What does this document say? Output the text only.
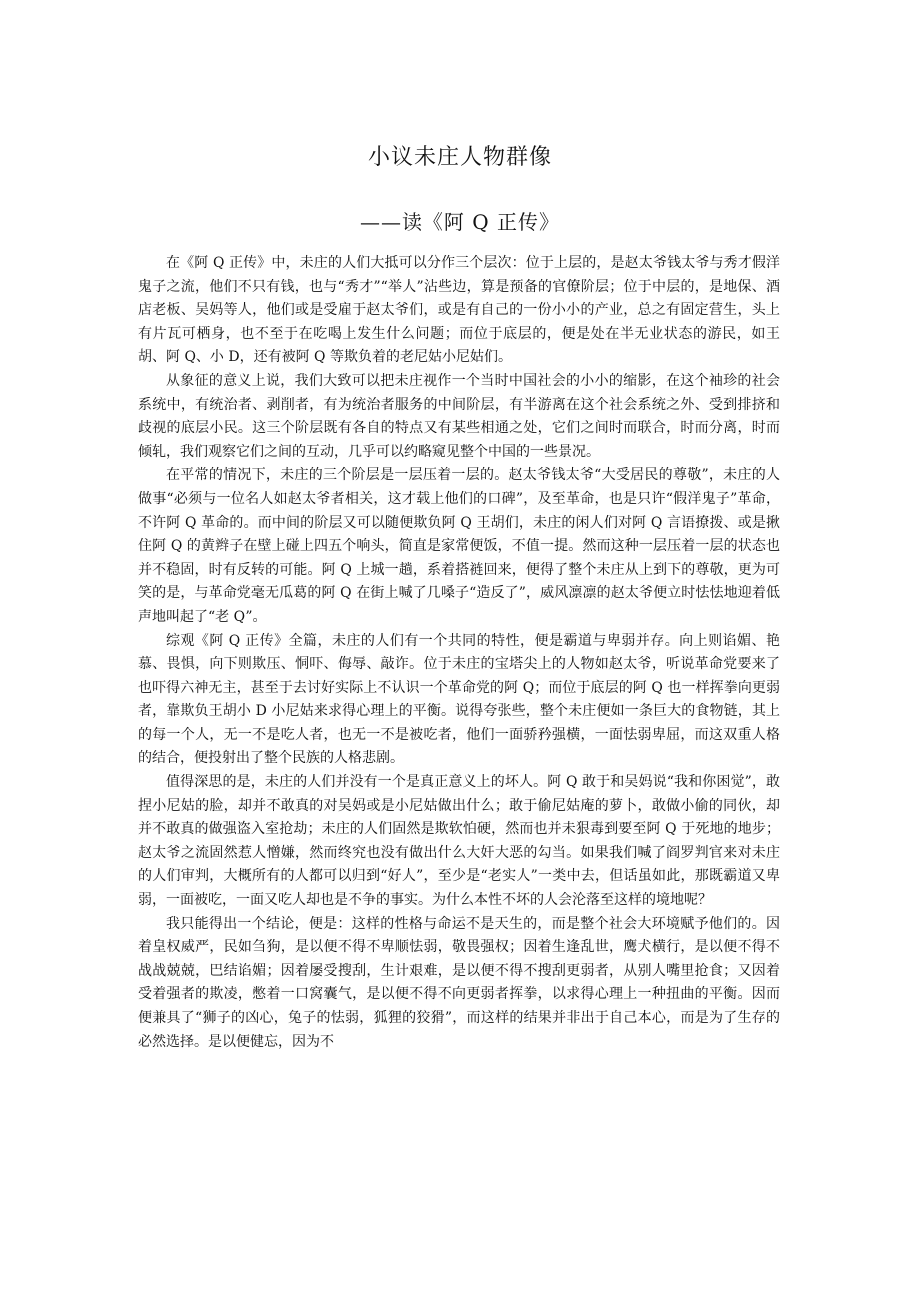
小议未庄人物群像
——读《阿 Q 正传》

在《阿 Q 正传》中，未庄的人们大抵可以分作三个层次：位于上层的，是赵太爷钱太爷与秀才假洋鬼子之流，他们不只有钱，也与“秀才”“举人”沾些边，算是预备的官僚阶层；位于中层的，是地保、酒店老板、吴妈等人，他们或是受雇于赵太爷们，或是有自己的一份小小的产业，总之有固定营生，头上有片瓦可栖身，也不至于在吃喝上发生什么问题；而位于底层的，便是处在半无业状态的游民，如王胡、阿 Q、小 D，还有被阿 Q 等欺负着的老尼姑小尼姑们。

从象征的意义上说，我们大致可以把未庄视作一个当时中国社会的小小的缩影，在这个袖珍的社会系统中，有统治者、剥削者，有为统治者服务的中间阶层，有半游离在这个社会系统之外、受到排挤和歧视的底层小民。这三个阶层既有各自的特点又有某些相通之处，它们之间时而联合，时而分离，时而倾轧，我们观察它们之间的互动，几乎可以约略窥见整个中国的一些景况。

在平常的情况下，未庄的三个阶层是一层压着一层的。赵太爷钱太爷“大受居民的尊敬”，未庄的人做事“必须与一位名人如赵太爷者相关，这才载上他们的口碑”，及至革命，也是只许“假洋鬼子”革命，不许阿 Q 革命的。而中间的阶层又可以随便欺负阿 Q 王胡们，未庄的闲人们对阿 Q 言语撩拨、或是揪住阿 Q 的黄辫子在壁上碰上四五个响头，简直是家常便饭，不值一提。然而这种一层压着一层的状态也并不稳固，时有反转的可能。阿 Q 上城一趟，系着搭裢回来，便得了整个未庄从上到下的尊敬，更为可笑的是，与革命党毫无瓜葛的阿 Q 在街上喊了几嗓子“造反了”，威风凛凛的赵太爷便立时怯怯地迎着低声地叫起了“老 Q”。

综观《阿 Q 正传》全篇，未庄的人们有一个共同的特性，便是霸道与卑弱并存。向上则谄媚、艳慕、畏惧，向下则欺压、恫吓、侮辱、敲诈。位于未庄的宝塔尖上的人物如赵太爷，听说革命党要来了也吓得六神无主，甚至于去讨好实际上不认识一个革命党的阿 Q；而位于底层的阿 Q 也一样挥拳向更弱者，靠欺负王胡小 D 小尼姑来求得心理上的平衡。说得夸张些，整个未庄便如一条巨大的食物链，其上的每一个人，无一不是吃人者，也无一不是被吃者，他们一面骄矜强横，一面怯弱卑屈，而这双重人格的结合，便投射出了整个民族的人格悲剧。

值得深思的是，未庄的人们并没有一个是真正意义上的坏人。阿 Q 敢于和吴妈说“我和你困觉”，敢捏小尼姑的脸，却并不敢真的对吴妈或是小尼姑做出什么；敢于偷尼姑庵的萝卜，敢做小偷的同伙，却并不敢真的做强盗入室抢劫；未庄的人们固然是欺软怕硬，然而也并未狠毒到要至阿 Q 于死地的地步；赵太爷之流固然惹人憎嫌，然而终究也没有做出什么大奸大恶的勾当。如果我们喊了阎罗判官来对未庄的人们审判，大概所有的人都可以归到“好人”，至少是“老实人”一类中去，但话虽如此，那既霸道又卑弱，一面被吃，一面又吃人却也是不争的事实。为什么本性不坏的人会沦落至这样的境地呢？

我只能得出一个结论，便是：这样的性格与命运不是天生的，而是整个社会大环境赋予他们的。因着皇权威严，民如刍狗，是以便不得不卑顺怯弱，敬畏强权；因着生逢乱世，鹰犬横行，是以便不得不战战兢兢，巴结谄媚；因着屡受搜刮，生计艰难，是以便不得不搜刮更弱者，从别人嘴里抢食；又因着受着强者的欺凌，憋着一口窝囊气，是以便不得不向更弱者挥拳，以求得心理上一种扭曲的平衡。因而便兼具了“狮子的凶心，兔子的怯弱，狐狸的狡猾”，而这样的结果并非出于自己本心，而是为了生存的必然选择。是以便健忘，因为不
